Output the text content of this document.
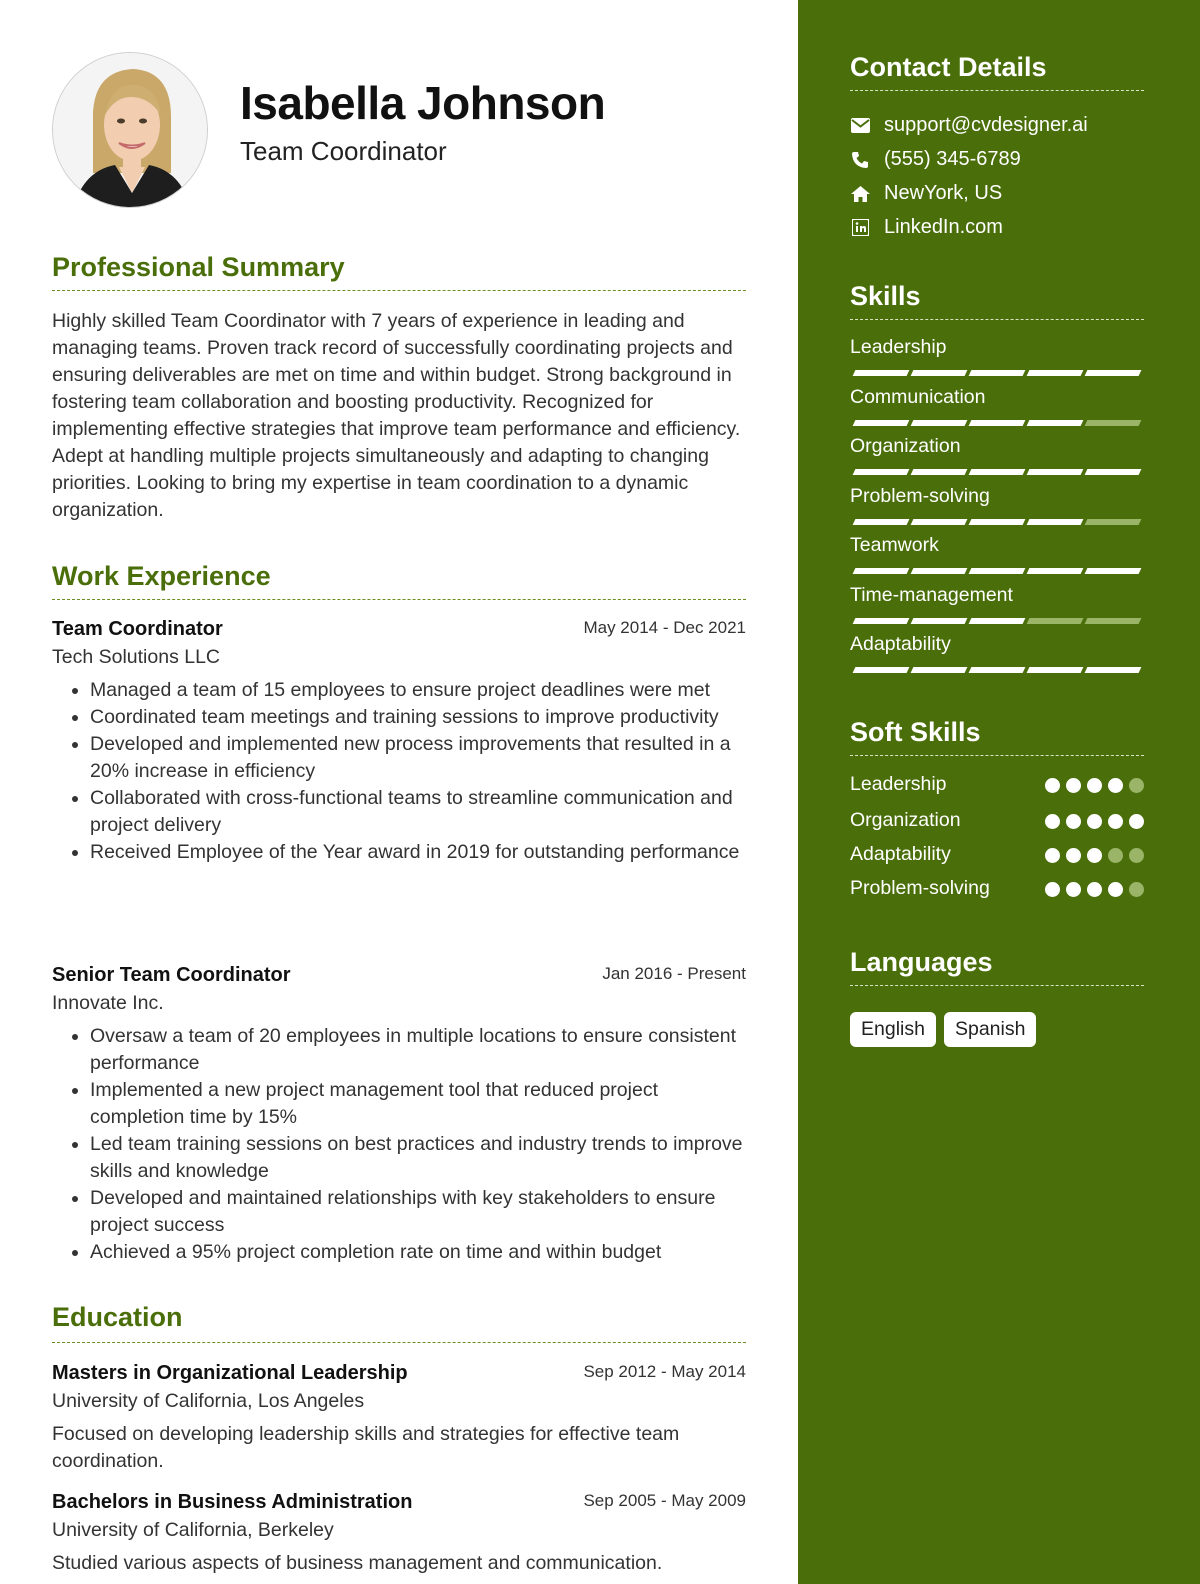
Isabella Johnson
Team Coordinator
Professional Summary
Highly skilled Team Coordinator with 7 years of experience in leading and managing teams. Proven track record of successfully coordinating projects and ensuring deliverables are met on time and within budget. Strong background in fostering team collaboration and boosting productivity. Recognized for implementing effective strategies that improve team performance and efficiency. Adept at handling multiple projects simultaneously and adapting to changing priorities. Looking to bring my expertise in team coordination to a dynamic organization.
Work Experience
Team Coordinator	May 2014 - Dec 2021
Tech Solutions LLC
• Managed a team of 15 employees to ensure project deadlines were met
• Coordinated team meetings and training sessions to improve productivity
• Developed and implemented new process improvements that resulted in a 20% increase in efficiency
• Collaborated with cross-functional teams to streamline communication and project delivery
• Received Employee of the Year award in 2019 for outstanding performance
Senior Team Coordinator	Jan 2016 - Present
Innovate Inc.
• Oversaw a team of 20 employees in multiple locations to ensure consistent performance
• Implemented a new project management tool that reduced project completion time by 15%
• Led team training sessions on best practices and industry trends to improve skills and knowledge
• Developed and maintained relationships with key stakeholders to ensure project success
• Achieved a 95% project completion rate on time and within budget
Education
Masters in Organizational Leadership	Sep 2012 - May 2014
University of California, Los Angeles
Focused on developing leadership skills and strategies for effective team coordination.
Bachelors in Business Administration	Sep 2005 - May 2009
University of California, Berkeley
Studied various aspects of business management and communication.
Contact Details
support@cvdesigner.ai
(555) 345-6789
NewYork, US
LinkedIn.com
Skills
Leadership
Communication
Organization
Problem-solving
Teamwork
Time-management
Adaptability
Soft Skills
Leadership
Organization
Adaptability
Problem-solving
Languages
English	Spanish
